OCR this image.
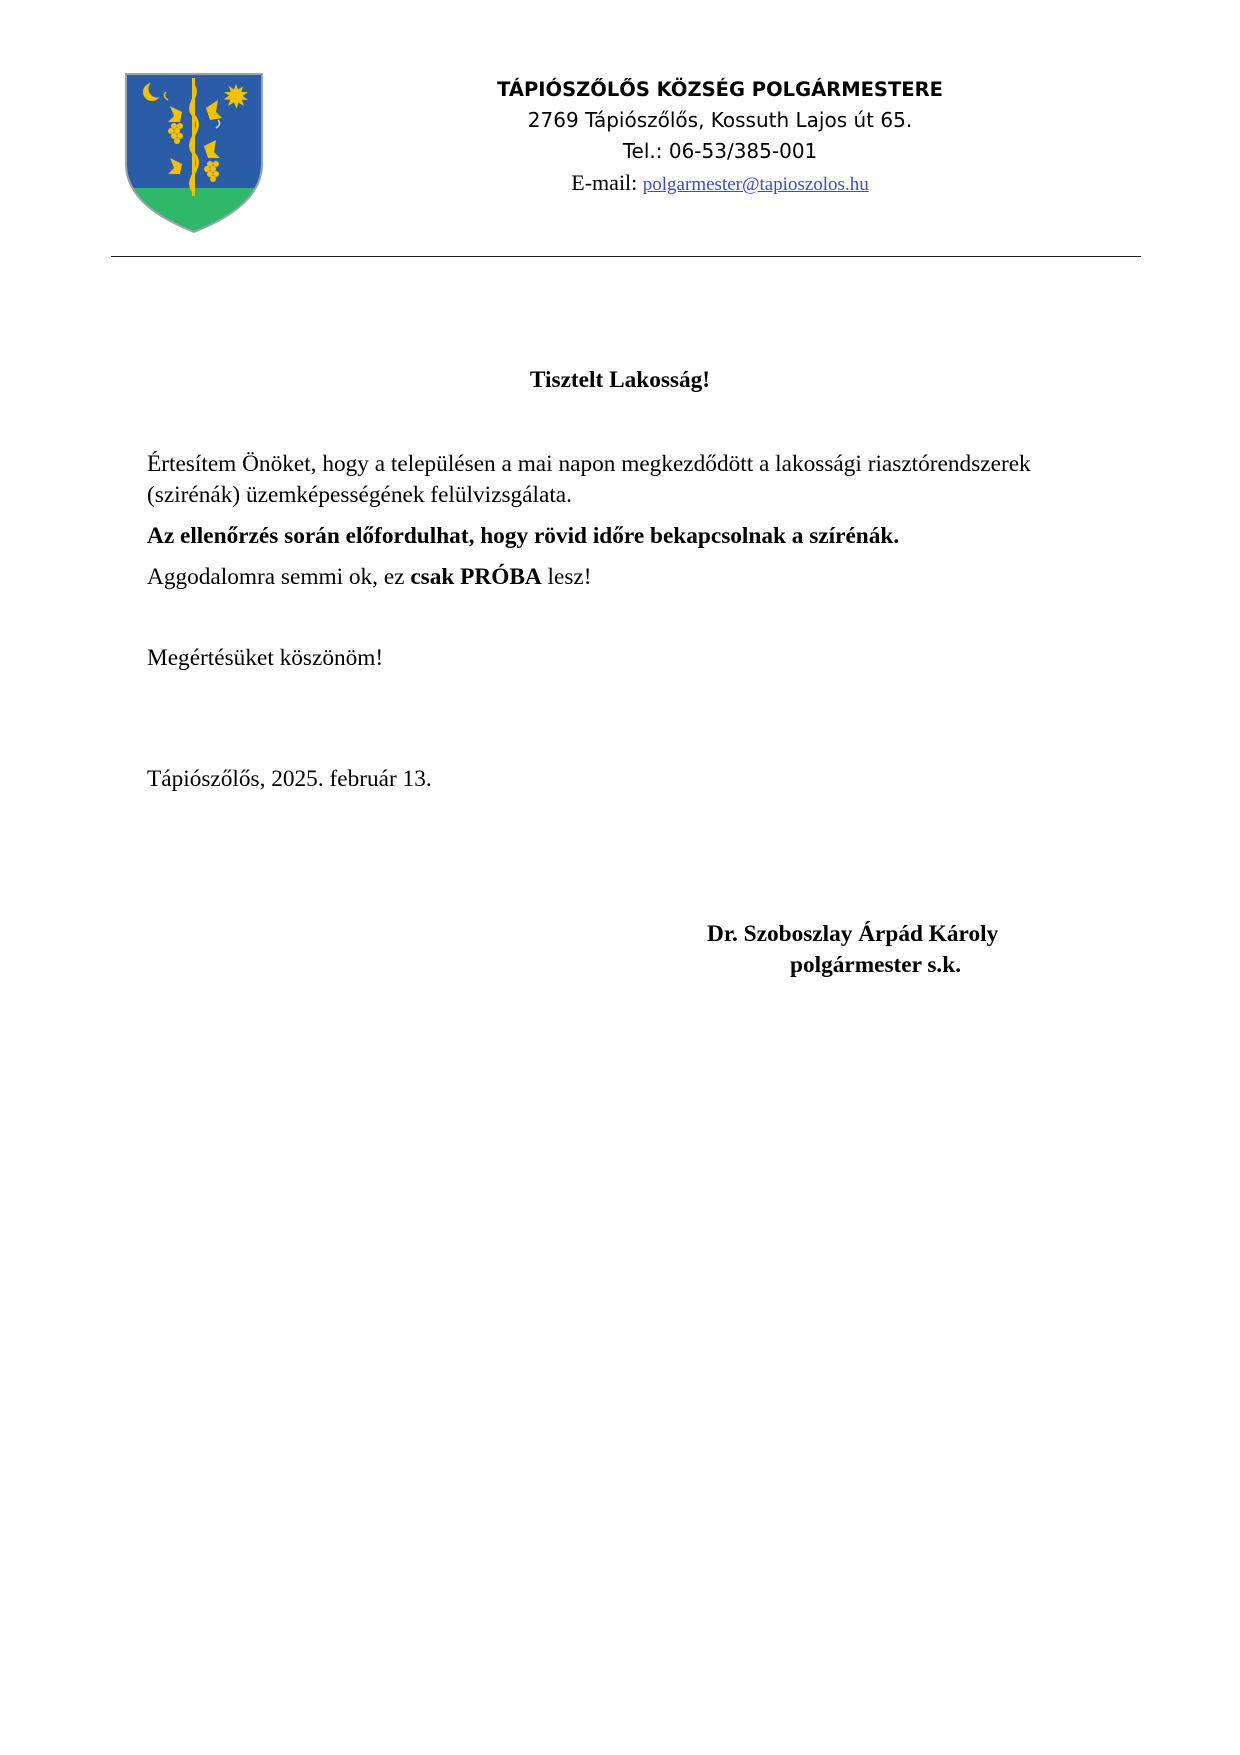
TÁPIÓSZŐLŐS KÖZSÉG POLGÁRMESTERE
2769 Tápiószőlős, Kossuth Lajos út 65.
Tel.: 06-53/385-001
E-mail: polgarmester@tapioszolos.hu
Tisztelt Lakosság!
Értesítem Önöket, hogy a településen a mai napon megkezdődött a lakossági riasztórendszerek
(szirénák) üzemképességének felülvizsgálata.
Az ellenőrzés során előfordulhat, hogy rövid időre bekapcsolnak a szírénák.
Aggodalomra semmi ok, ez csak PRÓBA lesz!
Megértésüket köszönöm!
Tápiószőlős, 2025. február 13.
Dr. Szoboszlay Árpád Károly
polgármester s.k.
